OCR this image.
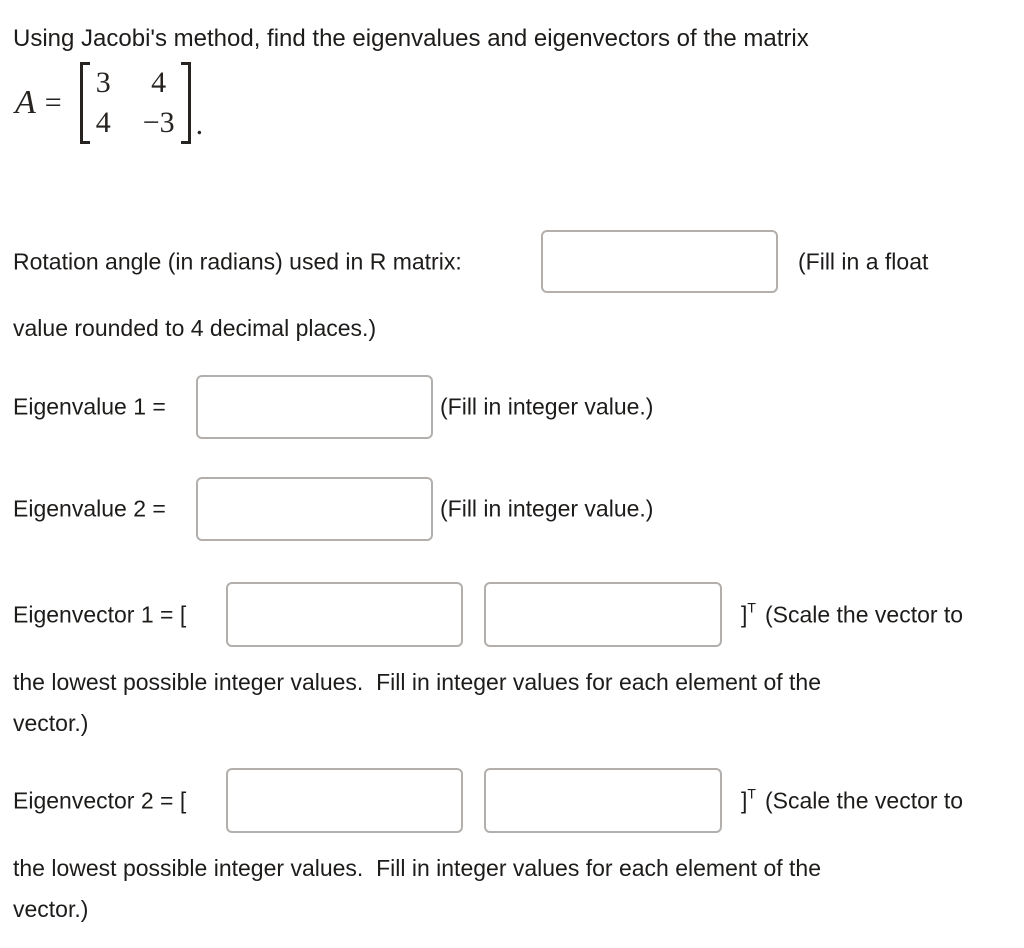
Using Jacobi's method, find the eigenvalues and eigenvectors of the matrix
A =
3 4
4 −3 .
Rotation angle (in radians) used in R matrix:	(Fill in a float
value rounded to 4 decimal places.)
Eigenvalue 1 =	(Fill in integer value.)
Eigenvalue 2 =	(Fill in integer value.)
Eigenvector 1 = [	]$^T$ (Scale the vector to
the lowest possible integer values.  Fill in integer values for each element of the
vector.)
Eigenvector 2 = [	]$^T$ (Scale the vector to
the lowest possible integer values.  Fill in integer values for each element of the
vector.)
